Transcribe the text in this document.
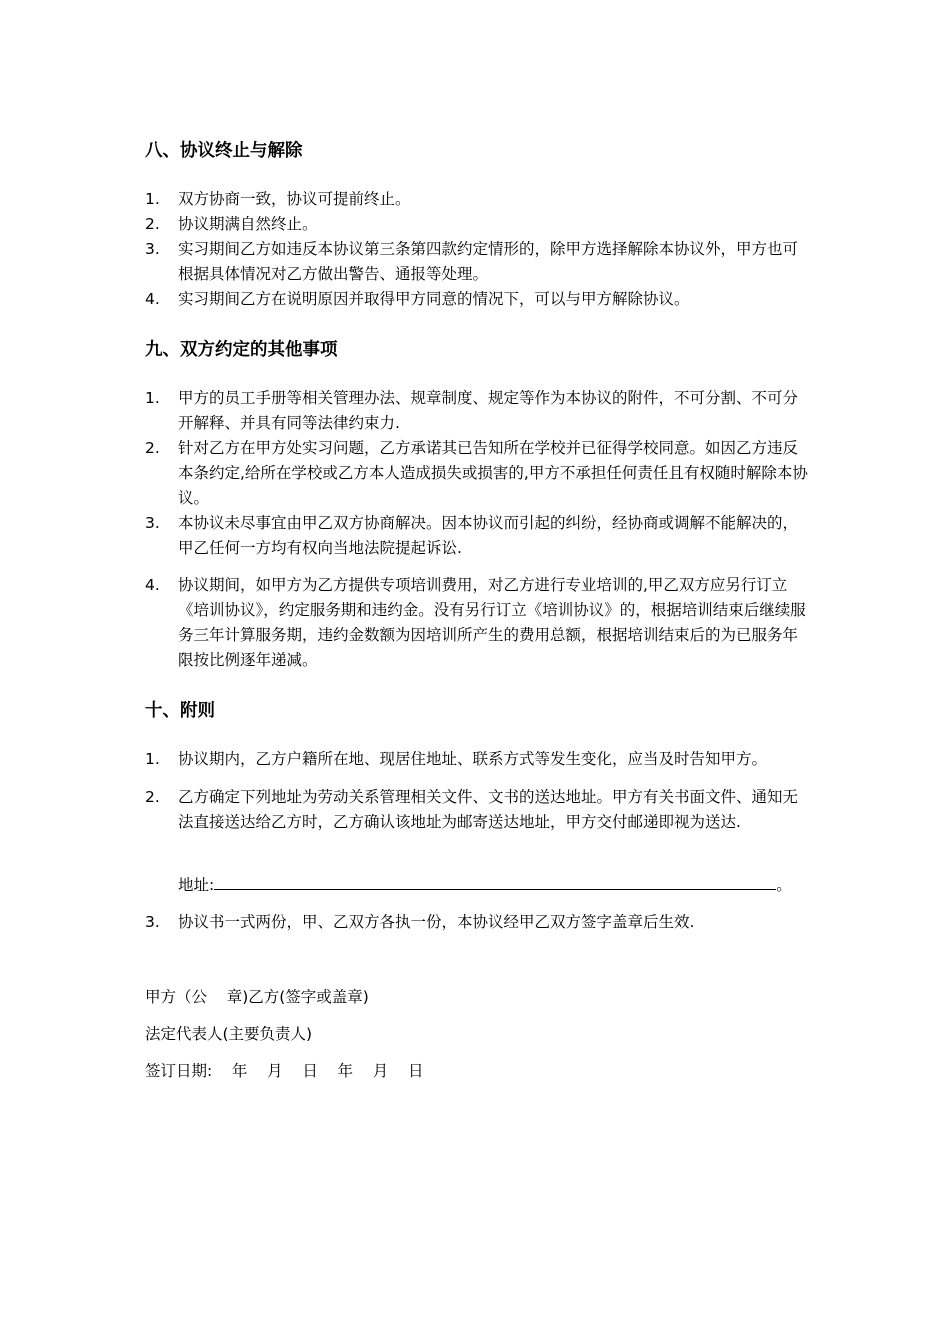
八、协议终止与解除
1. 双方协商一致，协议可提前终止。
2. 协议期满自然终止。
3. 实习期间乙方如违反本协议第三条第四款约定情形的，除甲方选择解除本协议外，甲方也可根据具体情况对乙方做出警告、通报等处理。
4. 实习期间乙方在说明原因并取得甲方同意的情况下，可以与甲方解除协议。
九、双方约定的其他事项
1. 甲方的员工手册等相关管理办法、规章制度、规定等作为本协议的附件，不可分割、不可分开解释、并具有同等法律约束力.
2. 针对乙方在甲方处实习问题，乙方承诺其已告知所在学校并已征得学校同意。如因乙方违反本条约定,给所在学校或乙方本人造成损失或损害的,甲方不承担任何责任且有权随时解除本协议。
3. 本协议未尽事宜由甲乙双方协商解决。因本协议而引起的纠纷，经协商或调解不能解决的，甲乙任何一方均有权向当地法院提起诉讼.
4. 协议期间，如甲方为乙方提供专项培训费用，对乙方进行专业培训的,甲乙双方应另行订立《培训协议》，约定服务期和违约金。没有另行订立《培训协议》的，根据培训结束后继续服务三年计算服务期，违约金数额为因培训所产生的费用总额，根据培训结束后的为已服务年限按比例逐年递减。
十、附则
1. 协议期内，乙方户籍所在地、现居住地址、联系方式等发生变化，应当及时告知甲方。
2. 乙方确定下列地址为劳动关系管理相关文件、文书的送达地址。甲方有关书面文件、通知无法直接送达给乙方时，乙方确认该地址为邮寄送达地址，甲方交付邮递即视为送达.
地址:	。
3. 协议书一式两份，甲、乙双方各执一份，本协议经甲乙双方签字盖章后生效.
甲方（公    章)乙方(签字或盖章)
法定代表人(主要负责人)
签订日期:    年    月    日    年    月    日
